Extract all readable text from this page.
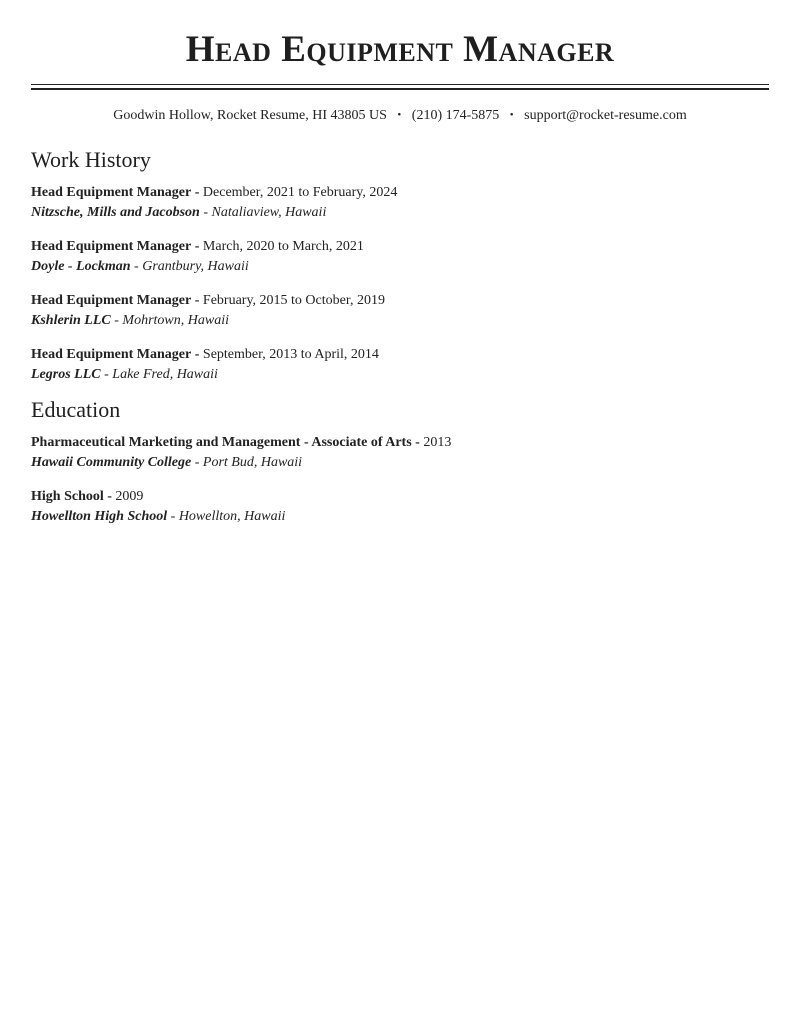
Head Equipment Manager
Goodwin Hollow, Rocket Resume, HI 43805 US • (210) 174-5875 • support@rocket-resume.com
Work History
Head Equipment Manager - December, 2021 to February, 2024
Nitzsche, Mills and Jacobson - Nataliaview, Hawaii
Head Equipment Manager - March, 2020 to March, 2021
Doyle - Lockman - Grantbury, Hawaii
Head Equipment Manager - February, 2015 to October, 2019
Kshlerin LLC - Mohrtown, Hawaii
Head Equipment Manager - September, 2013 to April, 2014
Legros LLC - Lake Fred, Hawaii
Education
Pharmaceutical Marketing and Management - Associate of Arts - 2013
Hawaii Community College - Port Bud, Hawaii
High School - 2009
Howellton High School - Howellton, Hawaii
